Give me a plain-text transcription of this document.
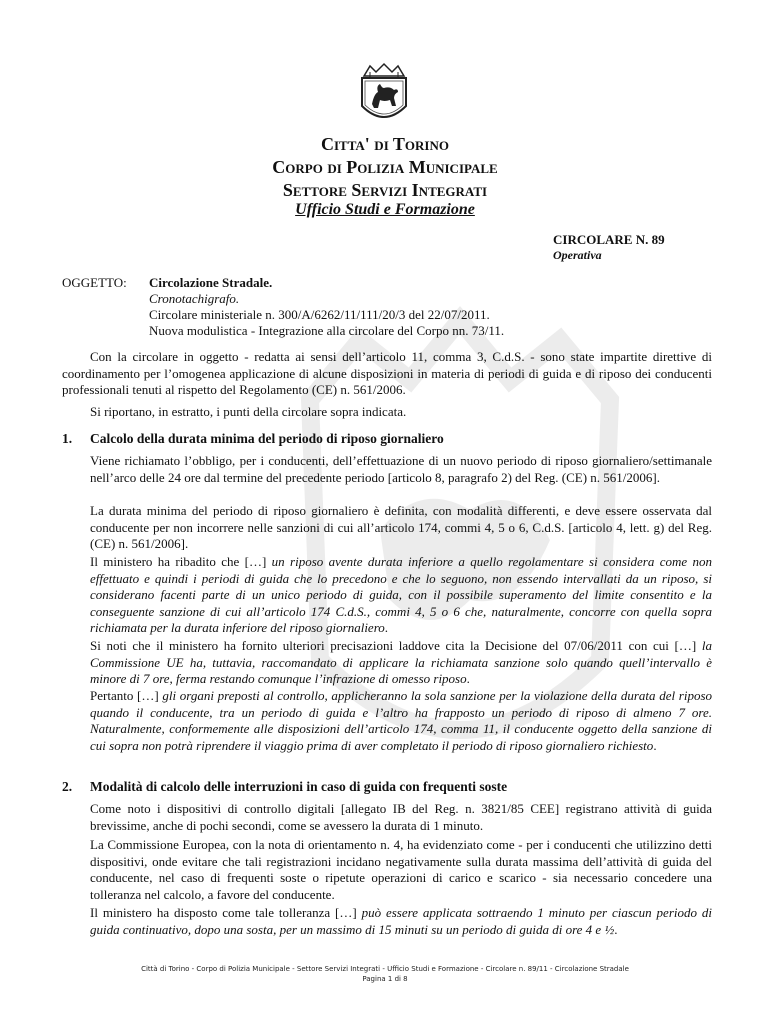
Citta' di Torino
Corpo di Polizia Municipale
Settore Servizi Integrati
Ufficio Studi e Formazione
CIRCOLARE N. 89
Operativa
OGGETTO: Circolazione Stradale.
Cronotachigrafo.
Circolare ministeriale n. 300/A/6262/11/111/20/3 del 22/07/2011.
Nuova modulistica - Integrazione alla circolare del Corpo nn. 73/11.
Con la circolare in oggetto - redatta ai sensi dell’articolo 11, comma 3, C.d.S. - sono state impartite direttive di coordinamento per l’omogenea applicazione di alcune disposizioni in materia di periodi di guida e di riposo dei conducenti professionali tenuti al rispetto del Regolamento (CE) n. 561/2006.
Si riportano, in estratto, i punti della circolare sopra indicata.
1. Calcolo della durata minima del periodo di riposo giornaliero
Viene richiamato l’obbligo, per i conducenti, dell’effettuazione di un nuovo periodo di riposo giornaliero/settimanale nell’arco delle 24 ore dal termine del precedente periodo [articolo 8, paragrafo 2) del Reg. (CE) n. 561/2006].
La durata minima del periodo di riposo giornaliero è definita, con modalità differenti, e deve essere osservata dal conducente per non incorrere nelle sanzioni di cui all’articolo 174, commi 4, 5 o 6, C.d.S. [articolo 4, lett. g) del Reg. (CE) n. 561/2006].
Il ministero ha ribadito che […] un riposo avente durata inferiore a quello regolamentare si considera come non effettuato e quindi i periodi di guida che lo precedono e che lo seguono, non essendo intervallati da un riposo, si considerano facenti parte di un unico periodo di guida, con il possibile superamento del limite consentito e la conseguente sanzione di cui all’articolo 174 C.d.S., commi 4, 5 o 6 che, naturalmente, concorre con quella sopra richiamata per la durata inferiore del riposo giornaliero.
Si noti che il ministero ha fornito ulteriori precisazioni laddove cita la Decisione del 07/06/2011 con cui […] la Commissione UE ha, tuttavia, raccomandato di applicare la richiamata sanzione solo quando quell’intervallo è minore di 7 ore, ferma restando comunque l’infrazione di omesso riposo.
Pertanto […] gli organi preposti al controllo, applicheranno la sola sanzione per la violazione della durata del riposo quando il conducente, tra un periodo di guida e l’altro ha frapposto un periodo di riposo di almeno 7 ore. Naturalmente, conformemente alle disposizioni dell’articolo 174, comma 11, il conducente oggetto della sanzione di cui sopra non potrà riprendere il viaggio prima di aver completato il periodo di riposo giornaliero richiesto.
2. Modalità di calcolo delle interruzioni in caso di guida con frequenti soste
Come noto i dispositivi di controllo digitali [allegato IB del Reg. n. 3821/85 CEE] registrano attività di guida brevissime, anche di pochi secondi, come se avessero la durata di 1 minuto.
La Commissione Europea, con la nota di orientamento n. 4, ha evidenziato come - per i conducenti che utilizzino detti dispositivi, onde evitare che tali registrazioni incidano negativamente sulla durata massima dell’attività di guida del conducente, nel caso di frequenti soste o ripetute operazioni di carico e scarico - sia necessario concedere una tolleranza nel calcolo, a favore del conducente.
Il ministero ha disposto come tale tolleranza […] può essere applicata sottraendo 1 minuto per ciascun periodo di guida continuativo, dopo una sosta, per un massimo di 15 minuti su un periodo di guida di ore 4 e ½.
Città di Torino - Corpo di Polizia Municipale - Settore Servizi Integrati - Ufficio Studi e Formazione - Circolare n. 89/11 - Circolazione Stradale
Pagina 1 di 8
